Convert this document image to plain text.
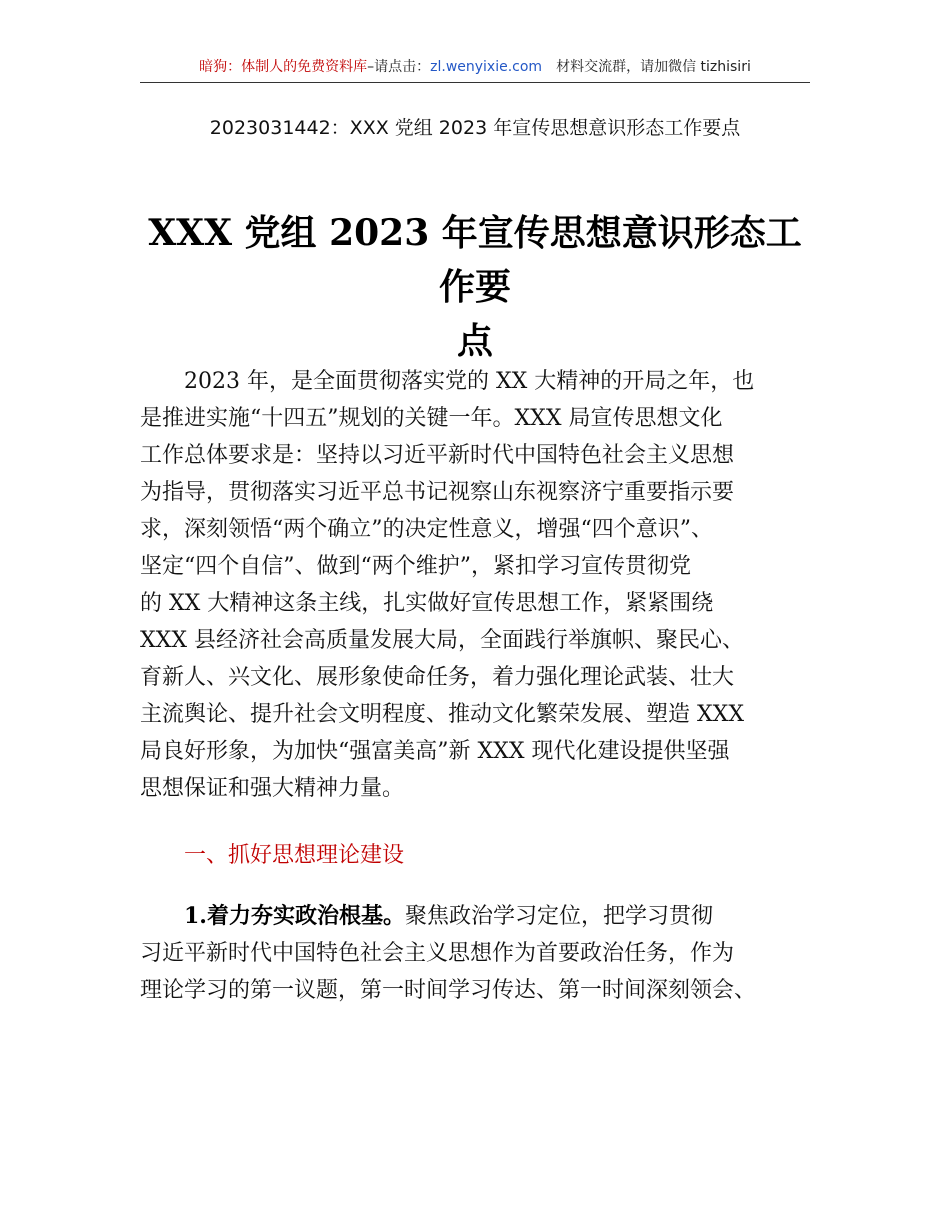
暗狗：体制人的免费资料库–请点击：zl.wenyixie.com 材料交流群，请加微信 tizhisiri
2023031442：XXX 党组 2023 年宣传思想意识形态工作要点
XXX 党组 2023 年宣传思想意识形态工作要
点
2023 年，是全面贯彻落实党的 XX 大精神的开局之年，也
是推进实施“十四五”规划的关键一年。XXX 局宣传思想文化
工作总体要求是：坚持以习近平新时代中国特色社会主义思想
为指导，贯彻落实习近平总书记视察山东视察济宁重要指示要
求，深刻领悟“两个确立”的决定性意义，增强“四个意识”、
坚定“四个自信”、做到“两个维护”，紧扣学习宣传贯彻党
的 XX 大精神这条主线，扎实做好宣传思想工作，紧紧围绕
XXX 县经济社会高质量发展大局，全面践行举旗帜、聚民心、
育新人、兴文化、展形象使命任务，着力强化理论武装、壮大
主流舆论、提升社会文明程度、推动文化繁荣发展、塑造 XXX
局良好形象，为加快“强富美高”新 XXX 现代化建设提供坚强
思想保证和强大精神力量。
一、抓好思想理论建设
1.着力夯实政治根基。聚焦政治学习定位，把学习贯彻
习近平新时代中国特色社会主义思想作为首要政治任务，作为
理论学习的第一议题，第一时间学习传达、第一时间深刻领会、
